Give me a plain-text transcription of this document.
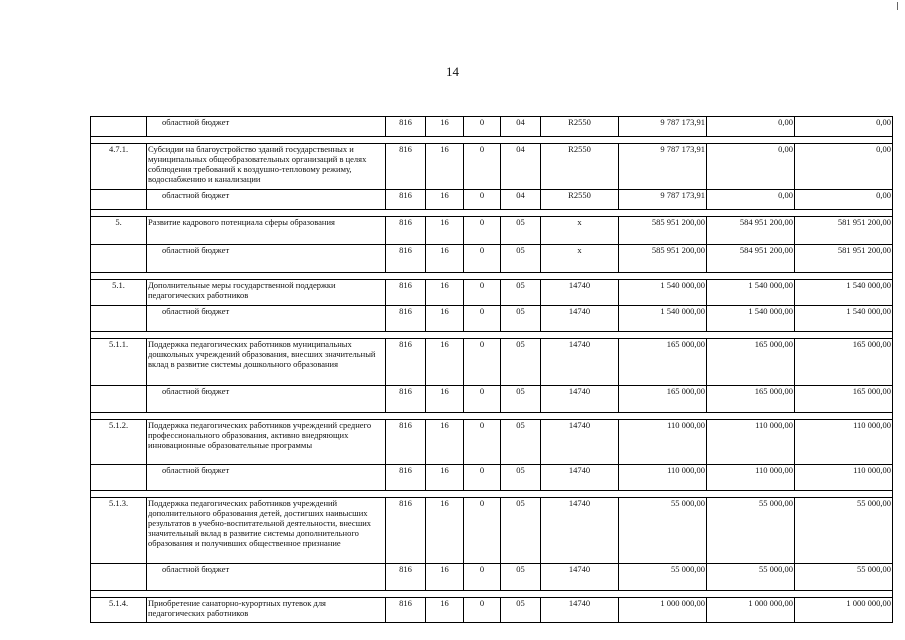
14
	областной бюджет	816	16	0	04	R2550	9 787 173,91	0,00	0,00

4.7.1.	Субсидии на благоустройство зданий государственных и муниципальных общеобразовательных организаций в целях соблюдения требований к воздушно-тепловому режиму, водоснабжению и канализации	816	16	0	04	R2550	9 787 173,91	0,00	0,00
	областной бюджет	816	16	0	04	R2550	9 787 173,91	0,00	0,00

5.	Развитие кадрового потенциала сферы образования	816	16	0	05	х	585 951 200,00	584 951 200,00	581 951 200,00
	областной бюджет	816	16	0	05	х	585 951 200,00	584 951 200,00	581 951 200,00

5.1.	Дополнительные меры государственной поддержки педагогических работников	816	16	0	05	14740	1 540 000,00	1 540 000,00	1 540 000,00
	областной бюджет	816	16	0	05	14740	1 540 000,00	1 540 000,00	1 540 000,00

5.1.1.	Поддержка педагогических работников муниципальных дошкольных учреждений образования, внесших значительный вклад в развитие системы дошкольного образования	816	16	0	05	14740	165 000,00	165 000,00	165 000,00
	областной бюджет	816	16	0	05	14740	165 000,00	165 000,00	165 000,00

5.1.2.	Поддержка педагогических работников учреждений среднего профессионального образования, активно внедряющих инновационные образовательные программы	816	16	0	05	14740	110 000,00	110 000,00	110 000,00
	областной бюджет	816	16	0	05	14740	110 000,00	110 000,00	110 000,00

5.1.3.	Поддержка педагогических работников учреждений дополнительного образования детей, достигших наивысших результатов в учебно-воспитательной деятельности, внесших значительный вклад в развитие системы дополнительного образования и получивших общественное признание	816	16	0	05	14740	55 000,00	55 000,00	55 000,00
	областной бюджет	816	16	0	05	14740	55 000,00	55 000,00	55 000,00

5.1.4.	Приобретение санаторно-курортных путевок для педагогических работников	816	16	0	05	14740	1 000 000,00	1 000 000,00	1 000 000,00
